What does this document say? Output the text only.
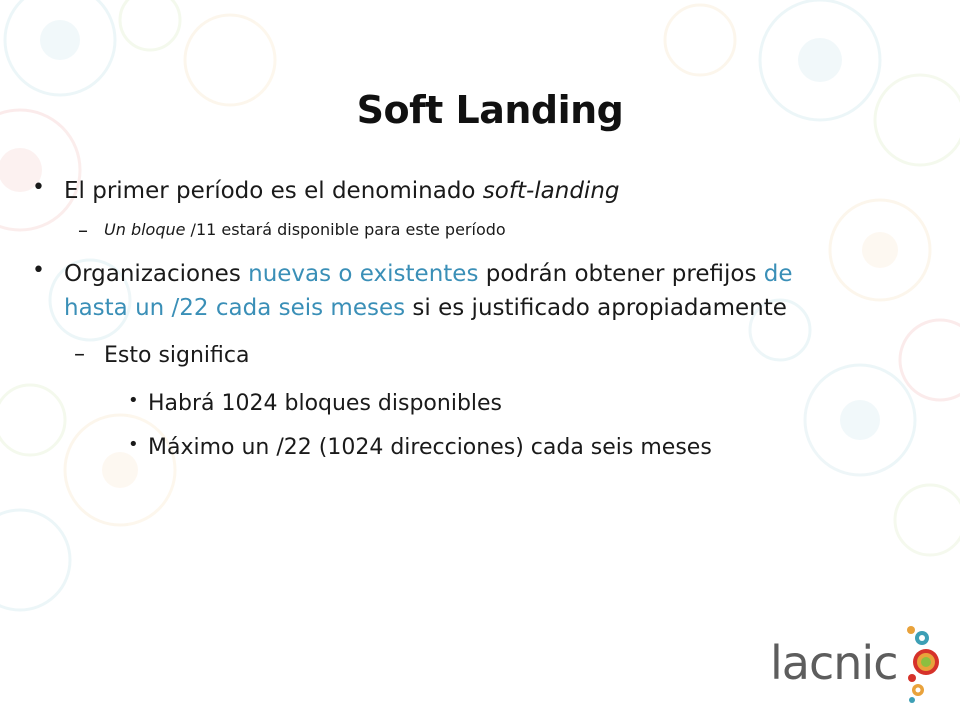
Soft Landing
• El primer período es el denominado soft-landing
– Un bloque /11 estará disponible para este período
• Organizaciones nuevas o existentes podrán obtener prefijos de
hasta un /22 cada seis meses si es justificado apropiadamente
– Esto significa
• Habrá 1024 bloques disponibles
• Máximo un /22 (1024 direcciones) cada seis meses
lacnic
